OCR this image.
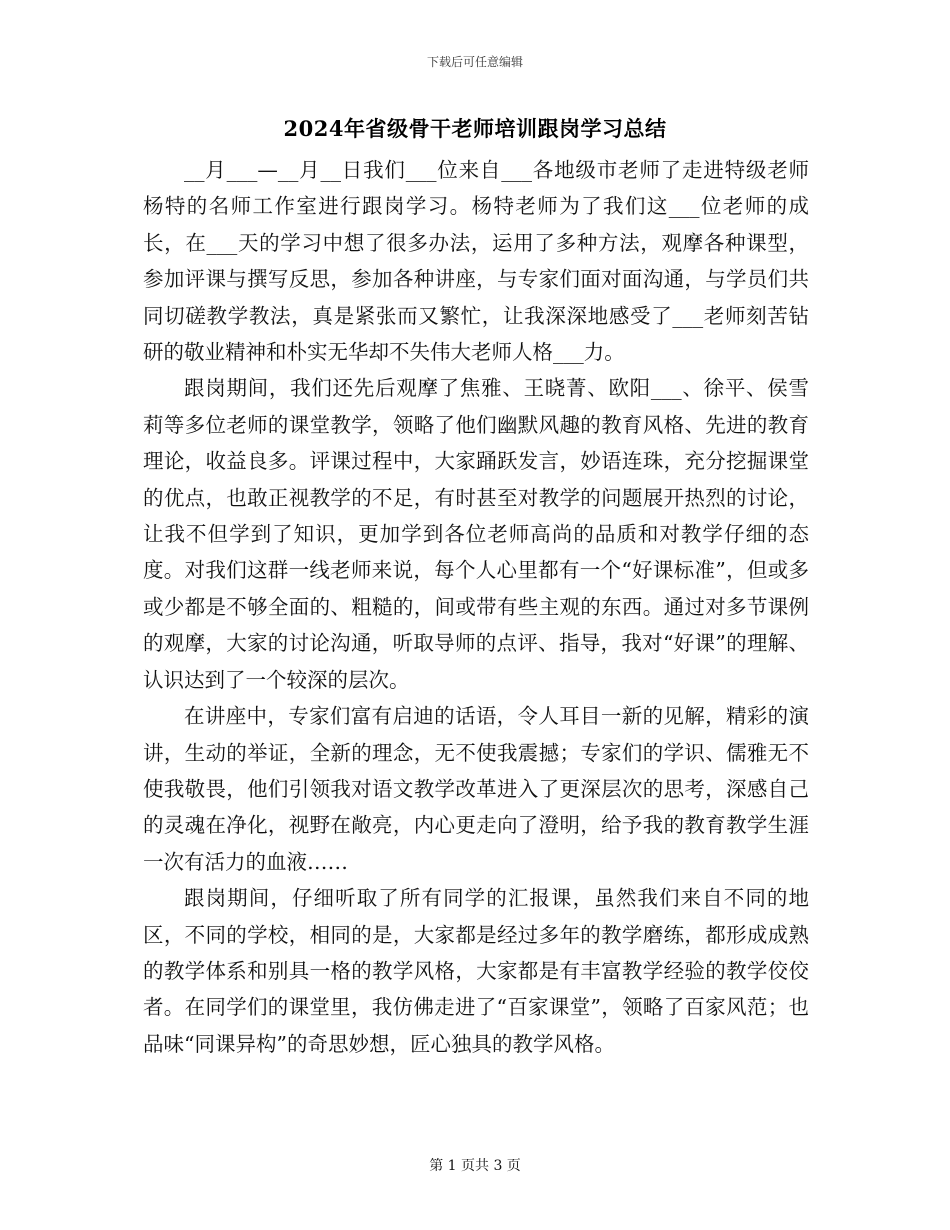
下载后可任意编辑
2024年省级骨干老师培训跟岗学习总结

__月___—__月__日我们___位来自___各地级市老师了走进特级老师杨特的名师工作室进行跟岗学习。杨特老师为了我们这___位老师的成长，在___天的学习中想了很多办法，运用了多种方法，观摩各种课型，参加评课与撰写反思，参加各种讲座，与专家们面对面沟通，与学员们共同切磋教学教法，真是紧张而又繁忙，让我深深地感受了___老师刻苦钻研的敬业精神和朴实无华却不失伟大老师人格___力。

跟岗期间，我们还先后观摩了焦雅、王晓菁、欧阳___、徐平、侯雪莉等多位老师的课堂教学，领略了他们幽默风趣的教育风格、先进的教育理论，收益良多。评课过程中，大家踊跃发言，妙语连珠，充分挖掘课堂的优点，也敢正视教学的不足，有时甚至对教学的问题展开热烈的讨论，让我不但学到了知识，更加学到各位老师高尚的品质和对教学仔细的态度。对我们这群一线老师来说，每个人心里都有一个“好课标准”，但或多或少都是不够全面的、粗糙的，间或带有些主观的东西。通过对多节课例的观摩，大家的讨论沟通，听取导师的点评、指导，我对“好课”的理解、认识达到了一个较深的层次。

在讲座中，专家们富有启迪的话语，令人耳目一新的见解，精彩的演讲，生动的举证，全新的理念，无不使我震撼；专家们的学识、儒雅无不使我敬畏，他们引领我对语文教学改革进入了更深层次的思考，深感自己的灵魂在净化，视野在敞亮，内心更走向了澄明，给予我的教育教学生涯一次有活力的血液……

跟岗期间，仔细听取了所有同学的汇报课，虽然我们来自不同的地区，不同的学校，相同的是，大家都是经过多年的教学磨练，都形成成熟的教学体系和别具一格的教学风格，大家都是有丰富教学经验的教学佼佼者。在同学们的课堂里，我仿佛走进了“百家课堂”，领略了百家风范；也品味“同课异构”的奇思妙想，匠心独具的教学风格。

第 1 页共 3 页
